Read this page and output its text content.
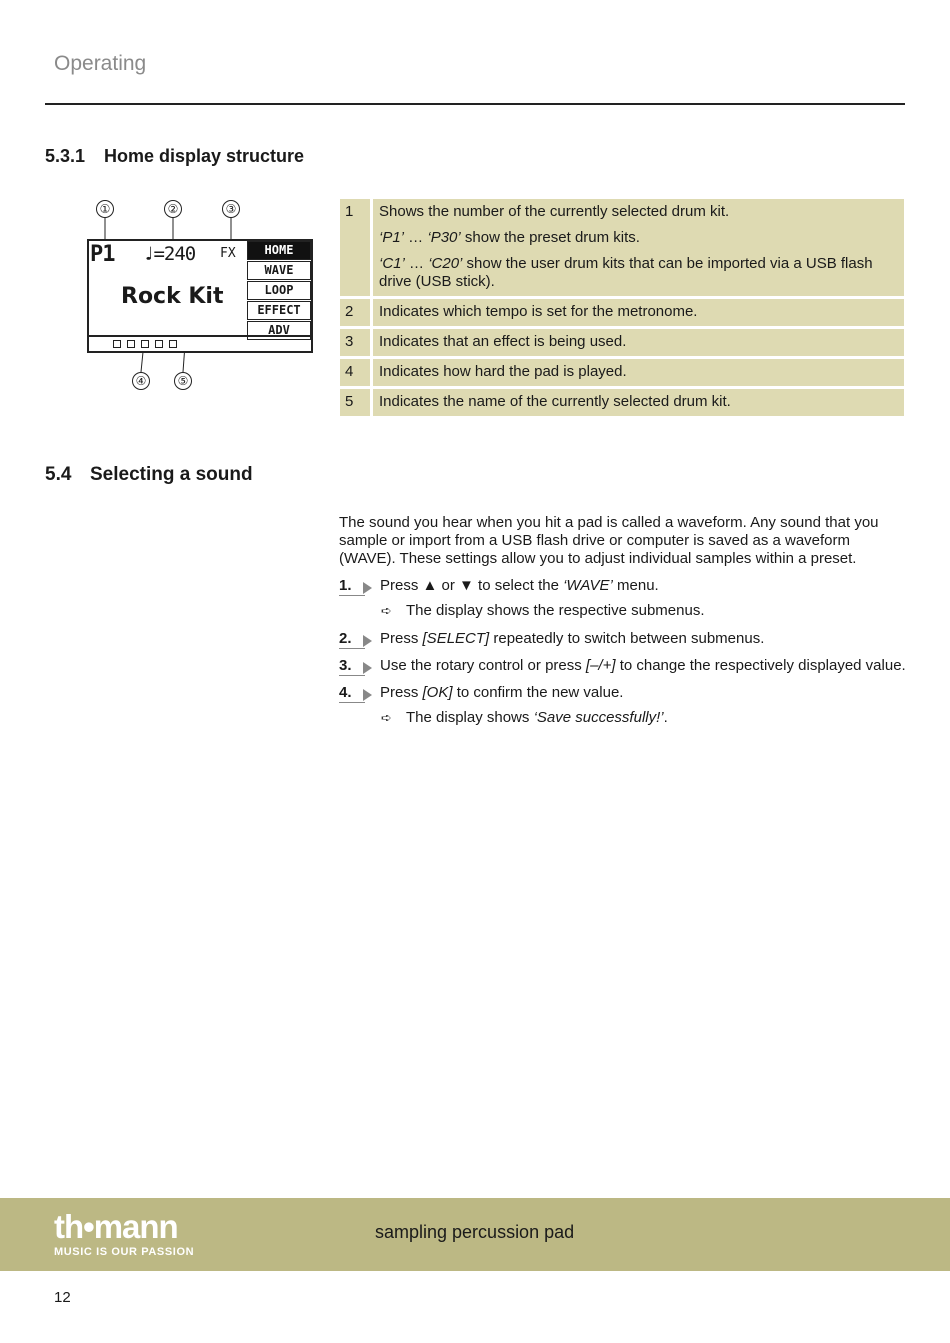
Operating
5.3.1 Home display structure
①	②	③
P1 ♩=240 FX
Rock Kit
HOME
WAVE
LOOP
EFFECT
ADV
④	⑤
1	Shows the number of the currently selected drum kit.

‘P1’ … ‘P30’ show the preset drum kits.

‘C1’ … ‘C20’ show the user drum kits that can be imported via a USB flash drive (USB stick).

2	Indicates which tempo is set for the metronome.
3	Indicates that an effect is being used.
4	Indicates how hard the pad is played.
5	Indicates the name of the currently selected drum kit.
5.4 Selecting a sound

The sound you hear when you hit a pad is called a waveform. Any sound that you sample or import from a USB flash drive or computer is saved as a waveform (WAVE). These settings allow you to adjust individual samples within a preset.

1.	Press ▲ or ▼ to select the ‘WAVE’ menu.
➪ The display shows the respective submenus.
2.	Press [SELECT] repeatedly to switch between submenus.
3.	Use the rotary control or press [–/+] to change the respectively displayed value.
4.	Press [OK] to confirm the new value.
➪ The display shows ‘Save successfully!’.
th•mann
MUSIC IS OUR PASSION
sampling percussion pad
12
